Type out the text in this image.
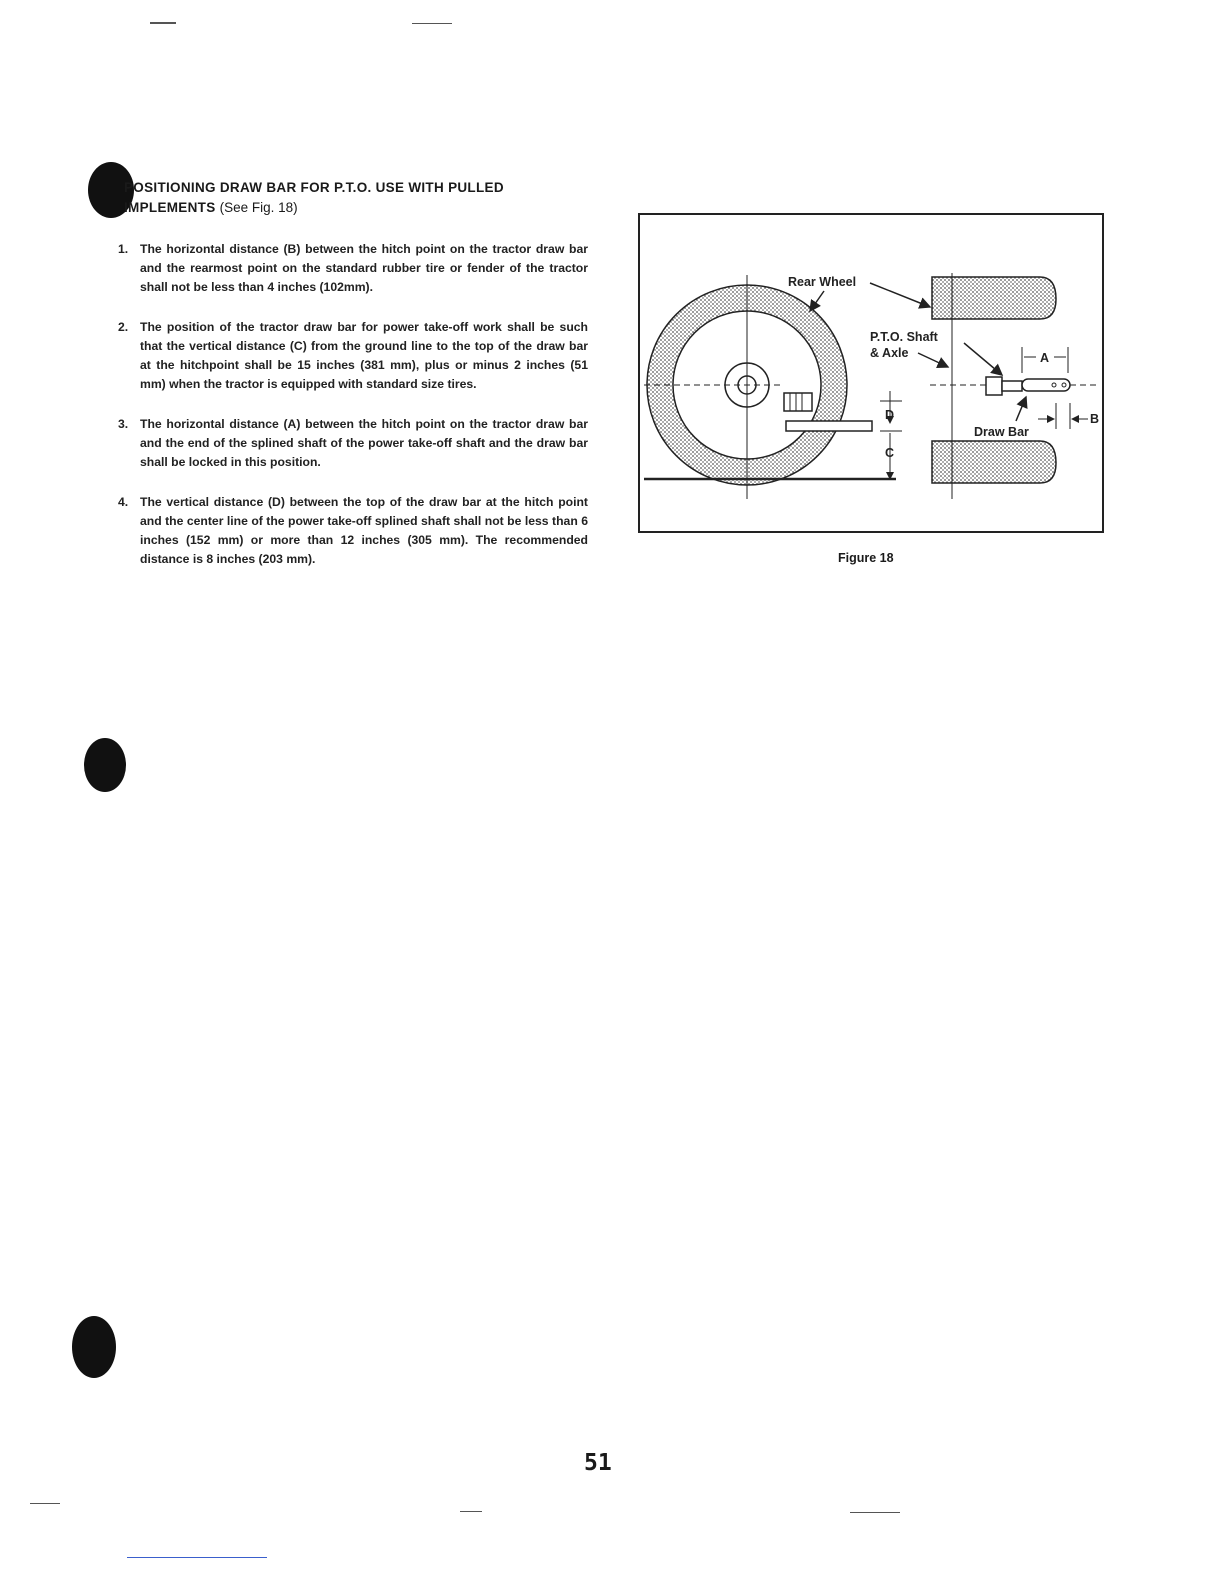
POSITIONING DRAW BAR FOR P.T.O. USE WITH PULLED
IMPLEMENTS (See Fig. 18)
1. The horizontal distance (B) between the hitch point on the tractor draw bar and the rearmost point on the standard rubber tire or fender of the tractor shall not be less than 4 inches (102mm).
2. The position of the tractor draw bar for power take-off work shall be such that the vertical distance (C) from the ground line to the top of the draw bar at the hitchpoint shall be 15 inches (381 mm), plus or minus 2 inches (51 mm) when the tractor is equipped with standard size tires.
3. The horizontal distance (A) between the hitch point on the tractor draw bar and the end of the splined shaft of the power take-off shaft and the draw bar shall be locked in this position.
4. The vertical distance (D) between the top of the draw bar at the hitch point and the center line of the power take-off splined shaft shall not be less than 6 inches (152 mm) or more than 12 inches (305 mm). The recommended distance is 8 inches (203 mm).
D
C
A
B
Rear Wheel
P.T.O. Shaft
& Axle
Draw Bar
Figure 18
51
